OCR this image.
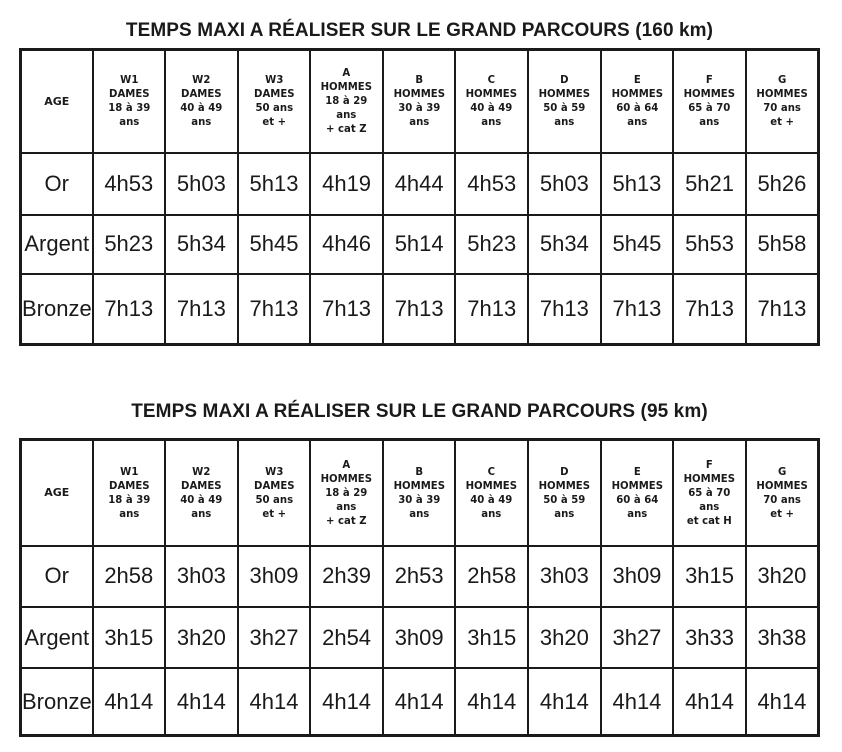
TEMPS MAXI A RÉALISER SUR LE GRAND PARCOURS (160 km)
AGE	W1
DAMES
18 à 39
ans	W2
DAMES
40 à 49
ans	W3
DAMES
50 ans
et +	A
HOMMES
18 à 29
ans
+ cat Z	B
HOMMES
30 à 39
ans	C
HOMMES
40 à 49
ans	D
HOMMES
50 à 59
ans	E
HOMMES
60 à 64
ans	F
HOMMES
65 à 70
ans	G
HOMMES
70 ans
et +

Or	4h53	5h03	5h13	4h19	4h44	4h53	5h03	5h13	5h21	5h26
Argent	5h23	5h34	5h45	4h46	5h14	5h23	5h34	5h45	5h53	5h58
Bronze	7h13	7h13	7h13	7h13	7h13	7h13	7h13	7h13	7h13	7h13
TEMPS MAXI A RÉALISER SUR LE GRAND PARCOURS (95 km)
AGE	W1
DAMES
18 à 39
ans	W2
DAMES
40 à 49
ans	W3
DAMES
50 ans
et +	A
HOMMES
18 à 29
ans
+ cat Z	B
HOMMES
30 à 39
ans	C
HOMMES
40 à 49
ans	D
HOMMES
50 à 59
ans	E
HOMMES
60 à 64
ans	F
HOMMES
65 à 70
ans
et cat H	G
HOMMES
70 ans
et +

Or	2h58	3h03	3h09	2h39	2h53	2h58	3h03	3h09	3h15	3h20
Argent	3h15	3h20	3h27	2h54	3h09	3h15	3h20	3h27	3h33	3h38
Bronze	4h14	4h14	4h14	4h14	4h14	4h14	4h14	4h14	4h14	4h14
